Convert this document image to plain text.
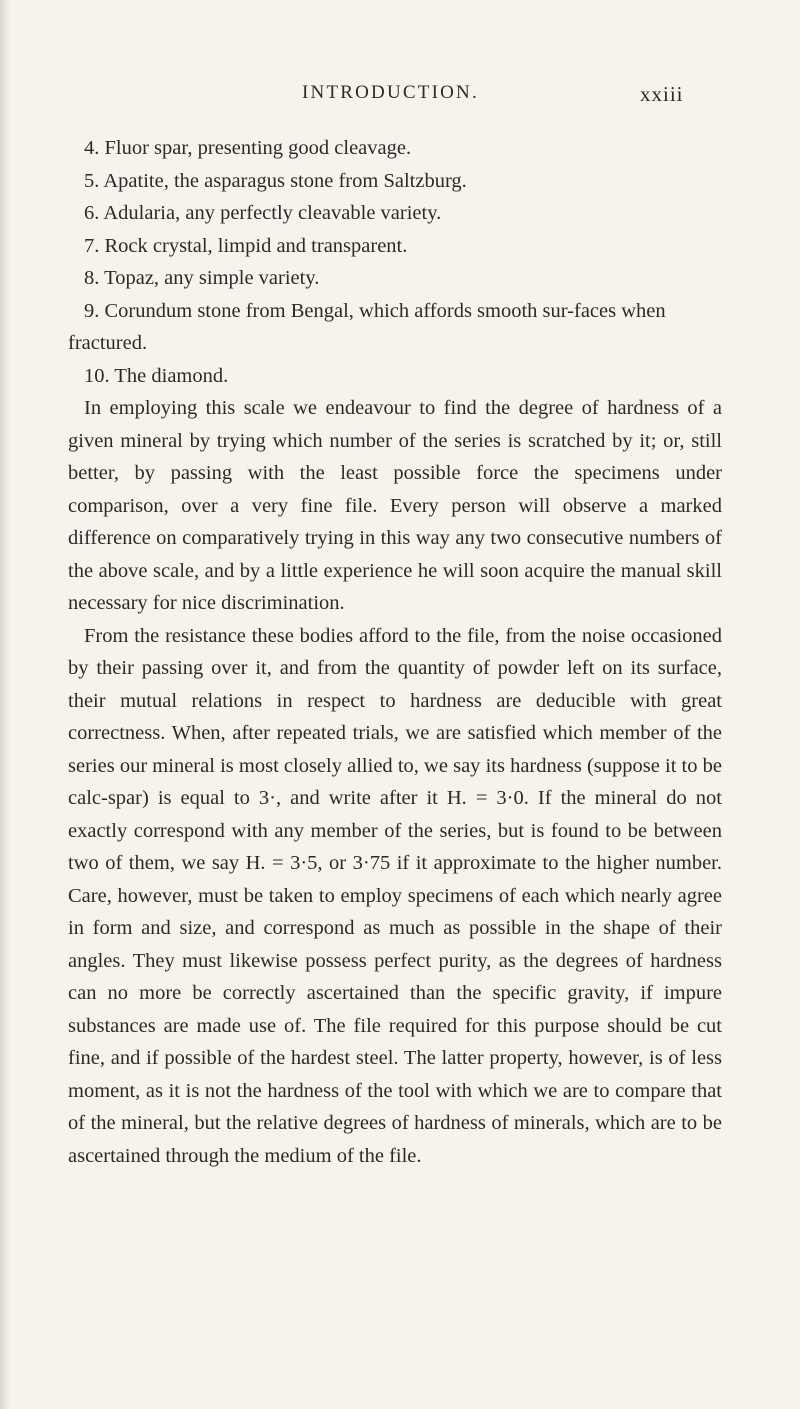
INTRODUCTION.	xxiii

4. Fluor spar, presenting good cleavage.

5. Apatite, the asparagus stone from Saltzburg.

6. Adularia, any perfectly cleavable variety.

7. Rock crystal, limpid and transparent.

8. Topaz, any simple variety.

9. Corundum stone from Bengal, which affords smooth sur-faces when fractured.

10. The diamond.

In employing this scale we endeavour to find the degree of hardness of a given mineral by trying which number of the series is scratched by it; or, still better, by passing with the least possible force the specimens under comparison, over a very fine file. Every person will observe a marked difference on comparatively trying in this way any two consecutive numbers of the above scale, and by a little experience he will soon acquire the manual skill necessary for nice discrimination.

From the resistance these bodies afford to the file, from the noise occasioned by their passing over it, and from the quantity of powder left on its surface, their mutual relations in respect to hardness are deducible with great correctness. When, after repeated trials, we are satisfied which member of the series our mineral is most closely allied to, we say its hardness (suppose it to be calc-spar) is equal to 3·, and write after it H. = 3·0. If the mineral do not exactly correspond with any member of the series, but is found to be between two of them, we say H. = 3·5, or 3·75 if it approximate to the higher number. Care, however, must be taken to employ specimens of each which nearly agree in form and size, and correspond as much as possible in the shape of their angles. They must likewise possess perfect purity, as the degrees of hardness can no more be correctly ascertained than the specific gravity, if impure substances are made use of. The file required for this purpose should be cut fine, and if possible of the hardest steel. The latter property, however, is of less moment, as it is not the hardness of the tool with which we are to compare that of the mineral, but the relative degrees of hardness of minerals, which are to be ascertained through the medium of the file.
